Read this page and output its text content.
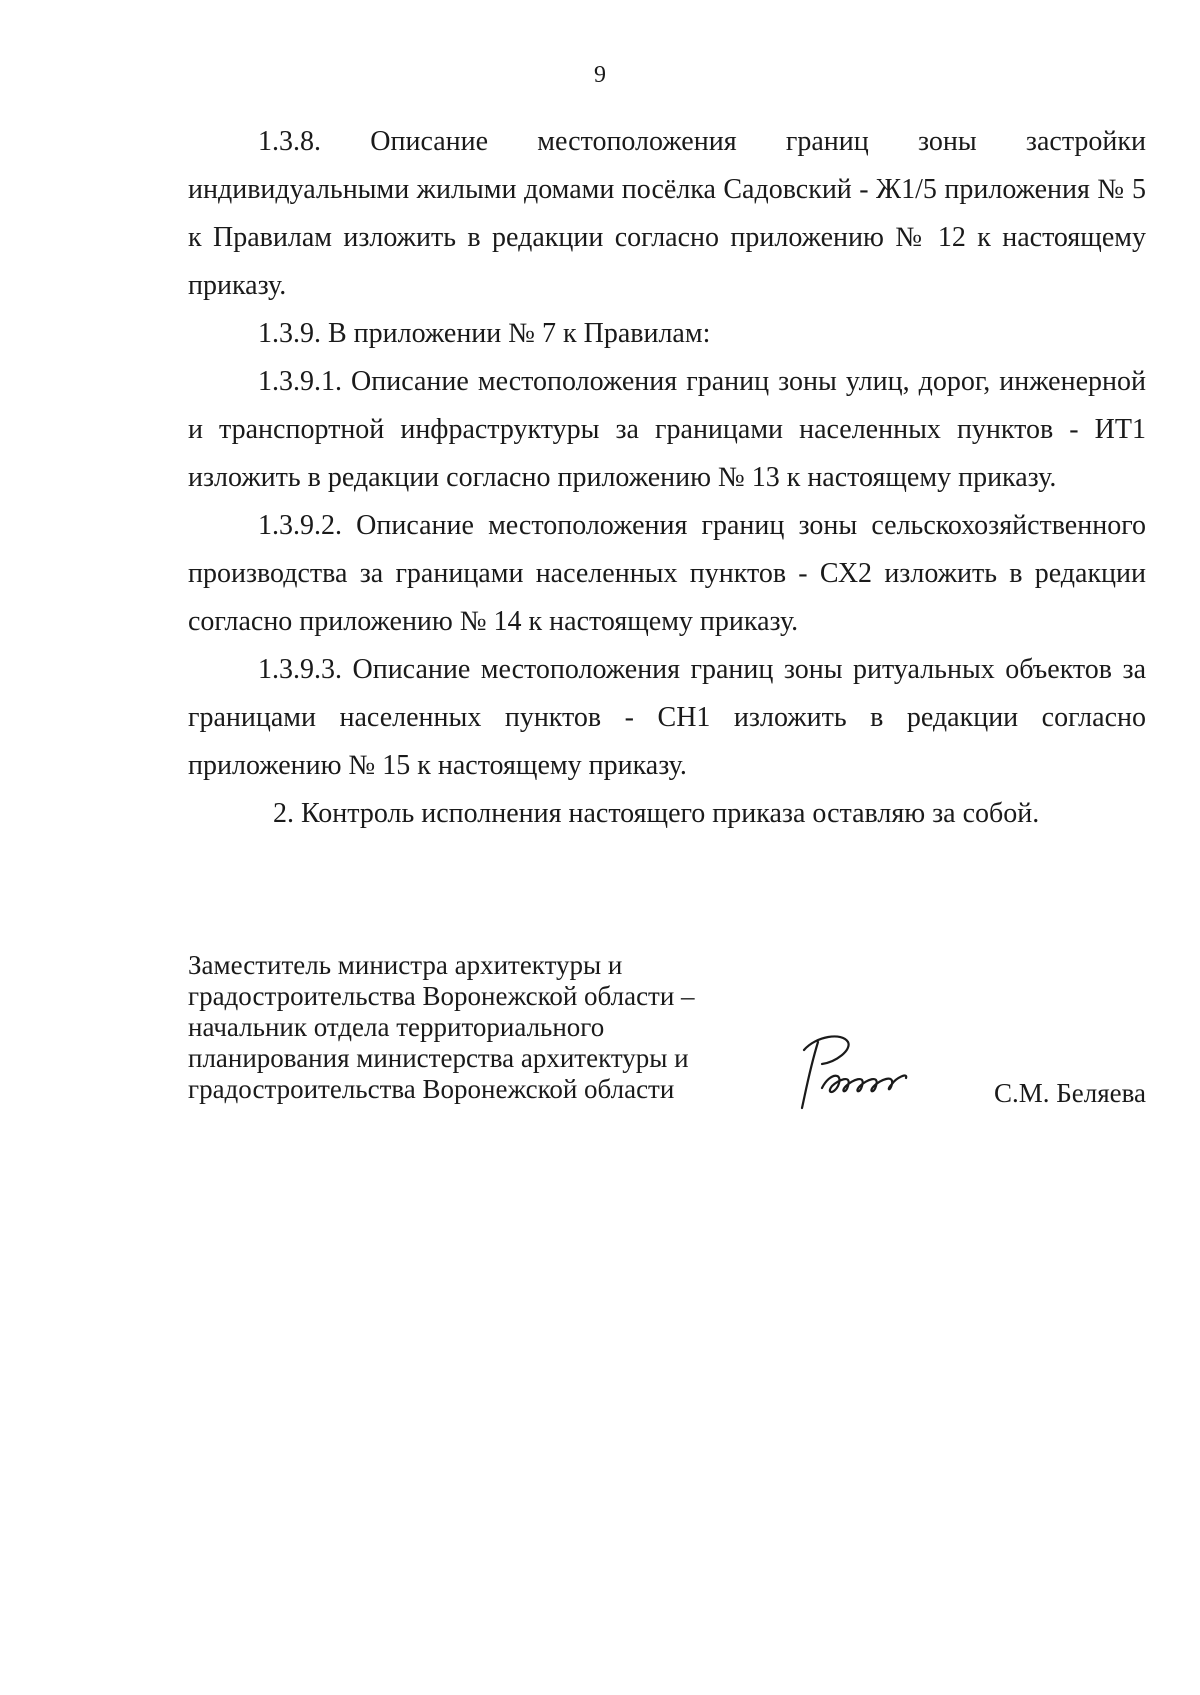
9

1.3.8. Описание местоположения границ зоны застройки индивидуальными жилыми домами посёлка Садовский - Ж1/5 приложения № 5 к Правилам изложить в редакции согласно приложению № 12 к настоящему приказу.

1.3.9. В приложении № 7 к Правилам:

1.3.9.1. Описание местоположения границ зоны улиц, дорог, инженерной и транспортной инфраструктуры за границами населенных пунктов - ИТ1 изложить в редакции согласно приложению № 13 к настоящему приказу.

1.3.9.2. Описание местоположения границ зоны сельскохозяйственного производства за границами населенных пунктов - СХ2 изложить в редакции согласно приложению № 14 к настоящему приказу.

1.3.9.3. Описание местоположения границ зоны ритуальных объектов за границами населенных пунктов - СН1 изложить в редакции согласно приложению № 15 к настоящему приказу.

2. Контроль исполнения настоящего приказа оставляю за собой.

Заместитель министра архитектуры и
градостроительства Воронежской области –
начальник отдела территориального
планирования министерства архитектуры и
градостроительства Воронежской области	С.М. Беляева
